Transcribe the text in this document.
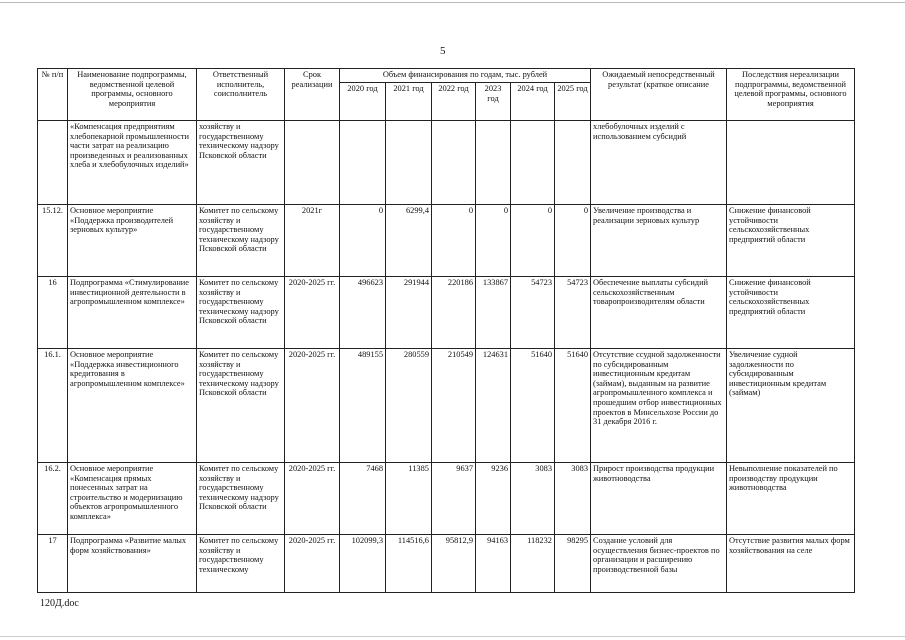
5
№ п/п	Наименование подпрограммы, ведомственной целевой программы, основного мероприятия	Ответственный исполнитель, соисполнитель	Срок реализации	Объем финансирования по годам, тыс. рублей						Ожидаемый непосредственный результат (краткое описание	Последствия нереализации подпрограммы, ведомственной целевой программы, основного мероприятия
				2020 год	2021 год	2022 год	2023 год	2024 год	2025 год		
	«Компенсация предприятиям хлебопекарной промышленности части затрат на реализацию произведенных и реализованных хлеба и хлебобулочных изделий»	хозяйству и государственному техническому надзору Псковской области								хлебобулочных изделий с использованием субсидий	
15.12.	Основное мероприятие «Поддержка производителей зерновых культур»	Комитет по сельскому хозяйству и государственному техническому надзору Псковской области	2021г	0	6299,4	0	0	0	0	Увеличение производства и реализации зерновых культур	Снижение финансовой устойчивости сельскохозяйственных предприятий области
16	Подпрограмма «Стимулирование инвестиционной деятельности в агропромышленном комплексе»	Комитет по сельскому хозяйству и государственному техническому надзору Псковской области	2020-2025 гг.	496623	291944	220186	133867	54723	54723	Обеспечение выплаты субсидий сельскохозяйственным товаропроизводителям области	Снижение финансовой устойчивости сельскохозяйственных предприятий области
16.1.	Основное мероприятие «Поддержка инвестиционного кредитования в агропромышленном комплексе»	Комитет по сельскому хозяйству и государственному техническому надзору Псковской области	2020-2025 гг.	489155	280559	210549	124631	51640	51640	Отсутствие ссудной задолженности по субсидированным инвестиционным кредитам (займам), выданным на развитие агропромышленного комплекса и прошедшим отбор инвестиционных проектов в Минсельхозе России до 31 декабря 2016 г.	Увеличение судной задолженности по субсидированным инвестиционным кредитам (займам)
16.2.	Основное мероприятие «Компенсация прямых понесенных затрат на строительство и модернизацию объектов агропромышленного комплекса»	Комитет по сельскому хозяйству и государственному техническому надзору Псковской области	2020-2025 гг.	7468	11385	9637	9236	3083	3083	Прирост производства продукции животноводства	Невыполнение показателей по производству продукции животноводства
17	Подпрограмма «Развитие малых форм хозяйствования»	Комитет по сельскому хозяйству и государственному техническому	2020-2025 гг.	102099,3	114516,6	95812,9	94163	118232	98295	Создание условий для осуществления бизнес-проектов по организации и расширению производственной базы	Отсутствие развития малых форм хозяйствования на селе
120Д.doc
